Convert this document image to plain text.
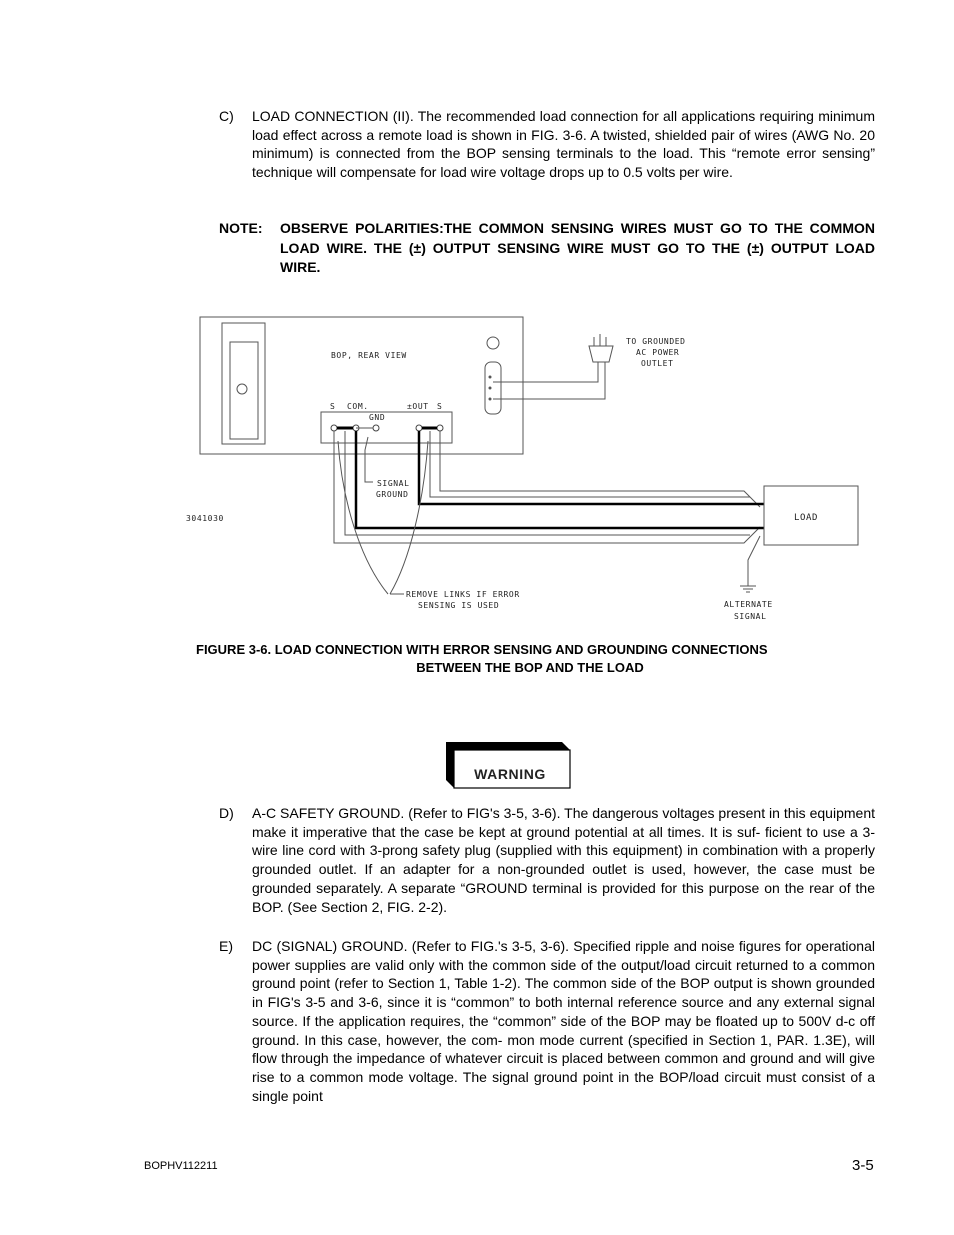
C) LOAD CONNECTION (II). The recommended load connection for all applications requiring minimum load effect across a remote load is shown in FIG. 3-6. A twisted, shielded pair of wires (AWG No. 20 minimum) is connected from the BOP sensing terminals to the load. This “remote error sensing” technique will compensate for load wire voltage drops up to 0.5 volts per wire.
NOTE: OBSERVE POLARITIES:THE COMMON SENSING WIRES MUST GO TO THE COMMON LOAD WIRE. THE (±) OUTPUT SENSING WIRE MUST GO TO THE (±) OUTPUT LOAD WIRE.
BOP, REAR VIEW
TO GROUNDED
AC POWER
OUTLET
S COM.
GND
±OUT S
SIGNAL
GROUND
LOAD
3041030
REMOVE LINKS IF ERROR
SENSING IS USED	ALTERNATE
SIGNAL
FIGURE 3-6. LOAD CONNECTION WITH ERROR SENSING AND GROUNDING CONNECTIONS
BETWEEN THE BOP AND THE LOAD
WARNING
D) A-C SAFETY GROUND. (Refer to FIG's 3-5, 3-6). The dangerous voltages present in this equipment make it imperative that the case be kept at ground potential at all times. It is suf- ficient to use a 3-wire line cord with 3-prong safety plug (supplied with this equipment) in combination with a properly grounded outlet. If an adapter for a non-grounded outlet is used, however, the case must be grounded separately. A separate “GROUND terminal is provided for this purpose on the rear of the BOP. (See Section 2, FIG. 2-2).
E) DC (SIGNAL) GROUND. (Refer to FIG.'s 3-5, 3-6). Specified ripple and noise figures for operational power supplies are valid only with the common side of the output/load circuit returned to a common ground point (refer to Section 1, Table 1-2). The common side of the BOP output is shown grounded in FIG's 3-5 and 3-6, since it is “common” to both internal reference source and any external signal source. If the application requires, the “common” side of the BOP may be floated up to 500V d-c off ground. In this case, however, the com- mon mode current (specified in Section 1, PAR. 1.3E), will flow through the impedance of whatever circuit is placed between common and ground and will give rise to a common mode voltage. The signal ground point in the BOP/load circuit must consist of a single point
BOPHV112211	3-5
